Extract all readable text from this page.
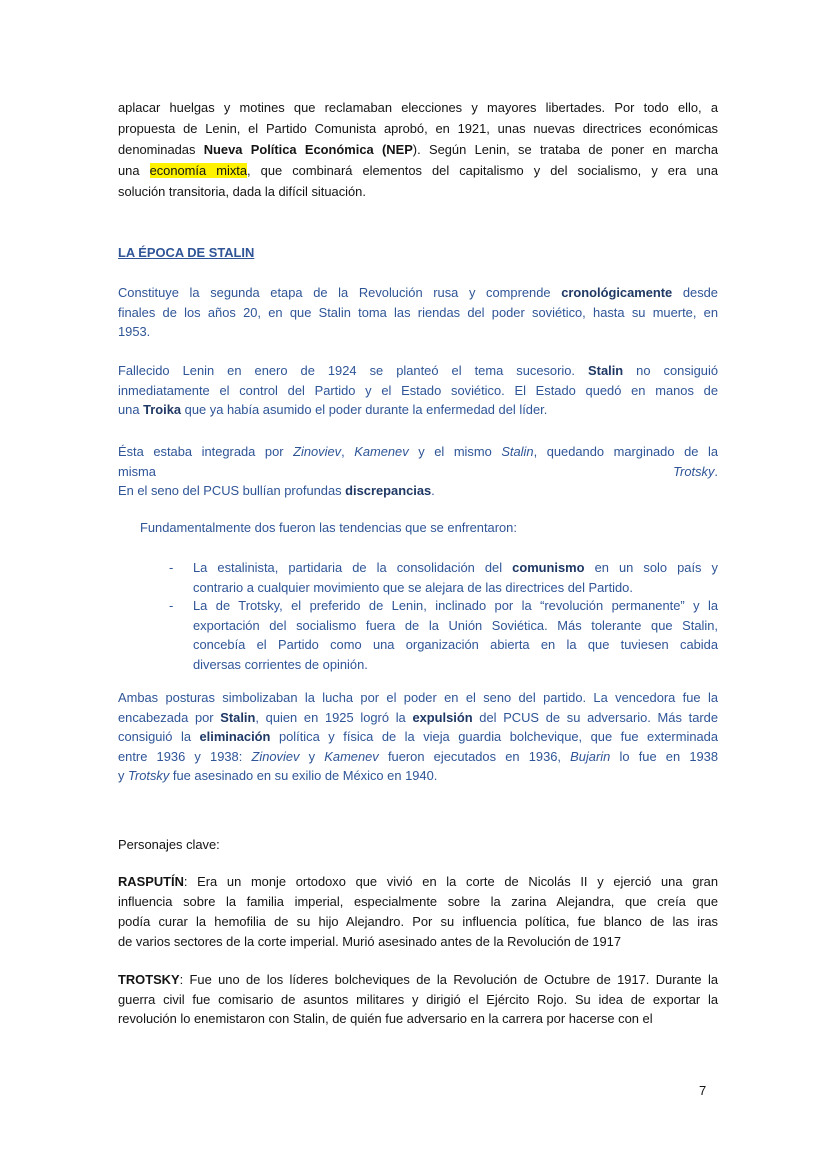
aplacar huelgas y motines que reclamaban elecciones y mayores libertades. Por todo ello, a
propuesta de Lenin, el Partido Comunista aprobó, en 1921, unas nuevas directrices económicas
denominadas Nueva Política Económica (NEP). Según Lenin, se trataba de poner en marcha
una economía mixta, que combinará elementos del capitalismo y del socialismo, y era una
solución transitoria, dada la difícil situación.
LA ÉPOCA DE STALIN
Constituye la segunda etapa de la Revolución rusa y comprende cronológicamente desde
finales de los años 20, en que Stalin toma las riendas del poder soviético, hasta su muerte, en
1953.
Fallecido Lenin en enero de 1924 se planteó el tema sucesorio. Stalin no consiguió
inmediatamente el control del Partido y el Estado soviético. El Estado quedó en manos de
una Troika que ya había asumido el poder durante la enfermedad del líder.
Ésta estaba integrada por Zinoviev, Kamenev y el mismo Stalin, quedando marginado de la
misma Trotsky.
En el seno del PCUS bullían profundas discrepancias.
Fundamentalmente dos fueron las tendencias que se enfrentaron:
- La estalinista, partidaria de la consolidación del comunismo en un solo país y
contrario a cualquier movimiento que se alejara de las directrices del Partido.
- La de Trotsky, el preferido de Lenin, inclinado por la “revolución permanente” y la
exportación del socialismo fuera de la Unión Soviética. Más tolerante que Stalin,
concebía el Partido como una organización abierta en la que tuviesen cabida
diversas corrientes de opinión.
Ambas posturas simbolizaban la lucha por el poder en el seno del partido. La vencedora fue la
encabezada por Stalin, quien en 1925 logró la expulsión del PCUS de su adversario. Más tarde
consiguió la eliminación política y física de la vieja guardia bolchevique, que fue exterminada
entre 1936 y 1938: Zinoviev y Kamenev fueron ejecutados en 1936, Bujarin lo fue en 1938
y Trotsky fue asesinado en su exilio de México en 1940.
Personajes clave:
RASPUTÍN: Era un monje ortodoxo que vivió en la corte de Nicolás II y ejerció una gran
influencia sobre la familia imperial, especialmente sobre la zarina Alejandra, que creía que
podía curar la hemofilia de su hijo Alejandro. Por su influencia política, fue blanco de las iras
de varios sectores de la corte imperial. Murió asesinado antes de la Revolución de 1917
TROTSKY: Fue uno de los líderes bolcheviques de la Revolución de Octubre de 1917. Durante la
guerra civil fue comisario de asuntos militares y dirigió el Ejército Rojo. Su idea de exportar la
revolución lo enemistaron con Stalin, de quién fue adversario en la carrera por hacerse con el
7
